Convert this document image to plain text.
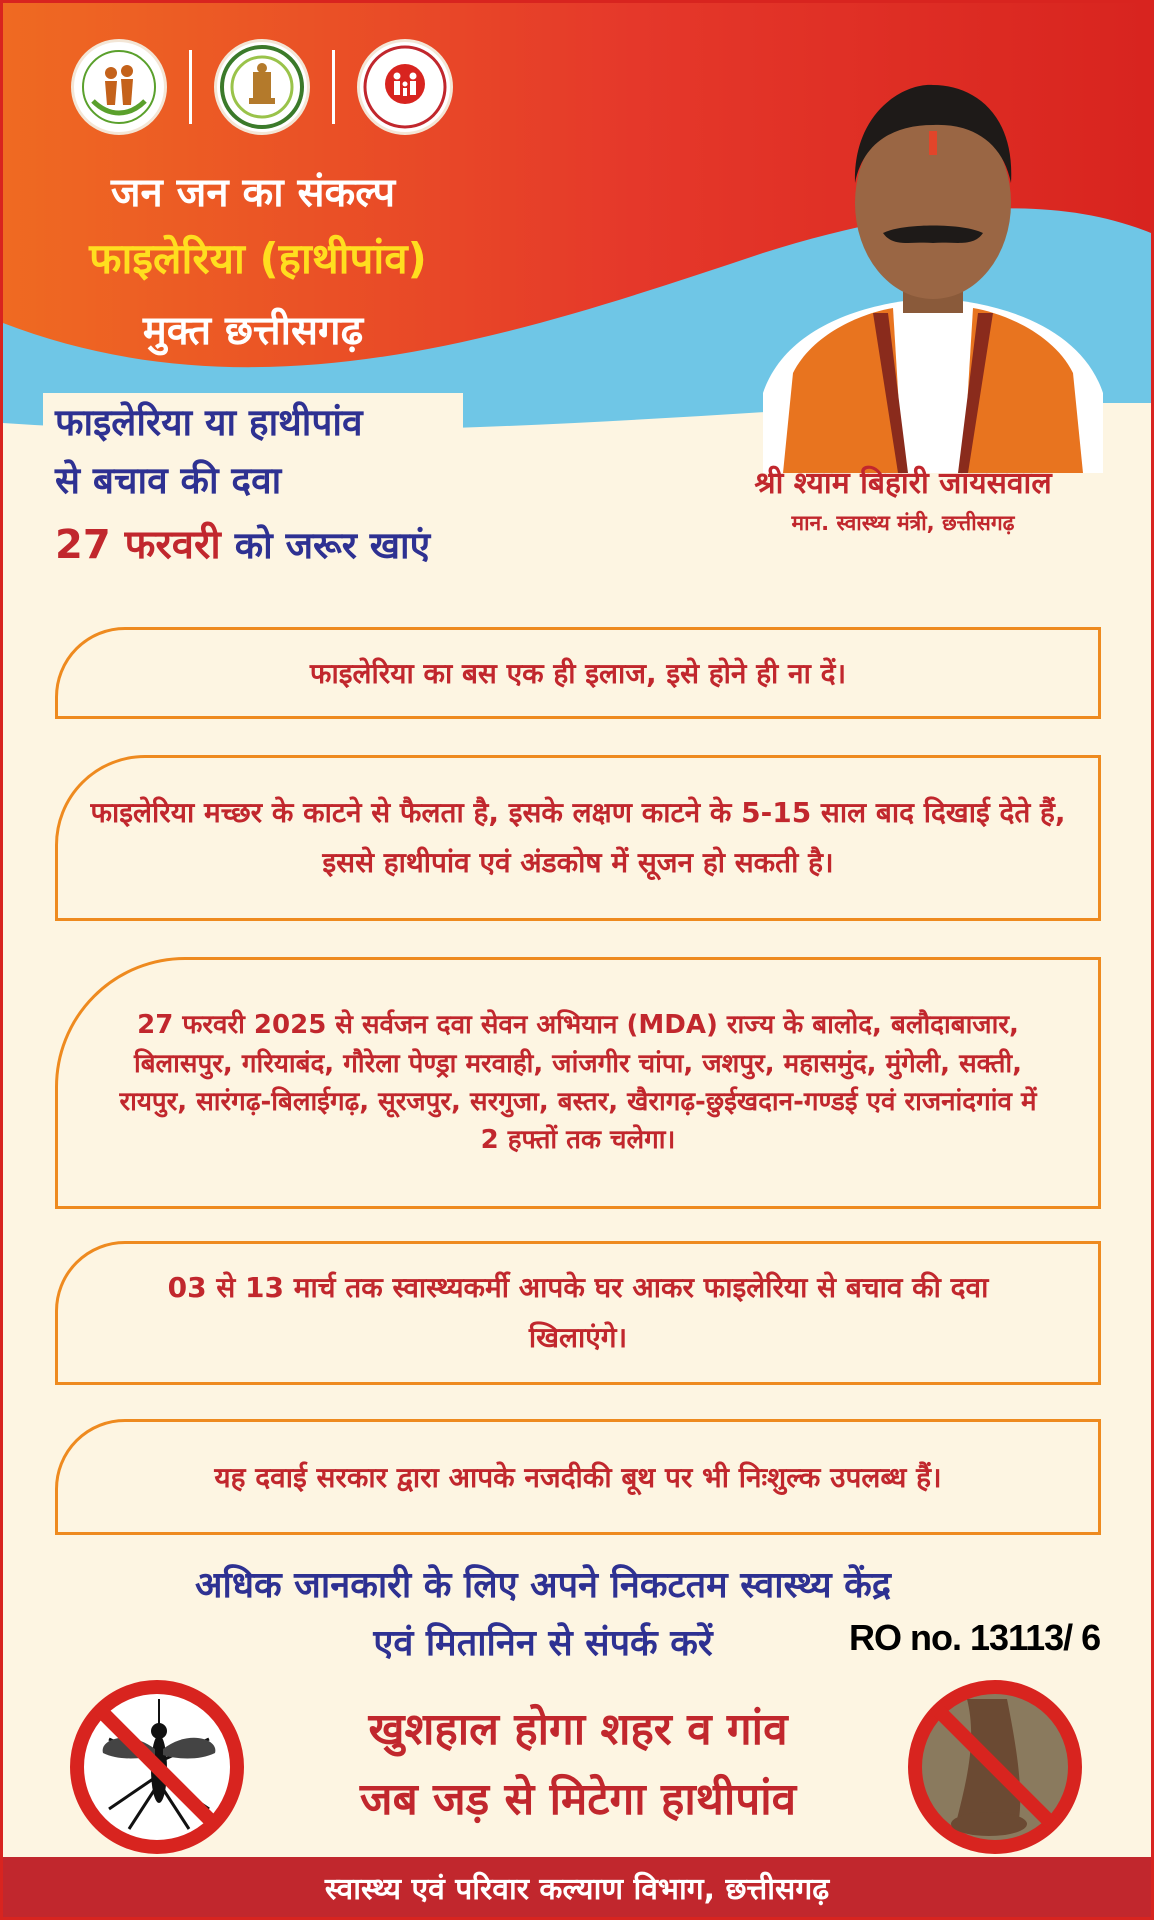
जन जन का संकल्प
फाइलेरिया (हाथीपांव)
मुक्त छत्तीसगढ़
फाइलेरिया या हाथीपांव
से बचाव की दवा
27 फरवरी को जरूर खाएं
श्री श्याम बिहारी जायसवाल
मान. स्वास्थ्य मंत्री, छत्तीसगढ़
फाइलेरिया का बस एक ही इलाज, इसे होने ही ना दें।
फाइलेरिया मच्छर के काटने से फैलता है, इसके लक्षण काटने के 5-15 साल बाद दिखाई देते हैं, इससे हाथीपांव एवं अंडकोष में सूजन हो सकती है।
27 फरवरी 2025 से सर्वजन दवा सेवन अभियान (MDA) राज्य के बालोद, बलौदाबाजार, बिलासपुर, गरियाबंद, गौरेला पेण्ड्रा मरवाही, जांजगीर चांपा, जशपुर, महासमुंद, मुंगेली, सक्ती, रायपुर, सारंगढ़-बिलाईगढ़, सूरजपुर, सरगुजा, बस्तर, खैरागढ़-छुईखदान-गण्डई एवं राजनांदगांव में 2 हफ्तों तक चलेगा।
03 से 13 मार्च तक स्वास्थ्यकर्मी आपके घर आकर फाइलेरिया से बचाव की दवा खिलाएंगे।
यह दवाई सरकार द्वारा आपके नजदीकी बूथ पर भी निःशुल्क उपलब्ध हैं।
अधिक जानकारी के लिए अपने निकटतम स्वास्थ्य केंद्र
एवं मितानिन से संपर्क करें	RO no. 13113/ 6
खुशहाल होगा शहर व गांव
जब जड़ से मिटेगा हाथीपांव
स्वास्थ्य एवं परिवार कल्याण विभाग, छत्तीसगढ़
